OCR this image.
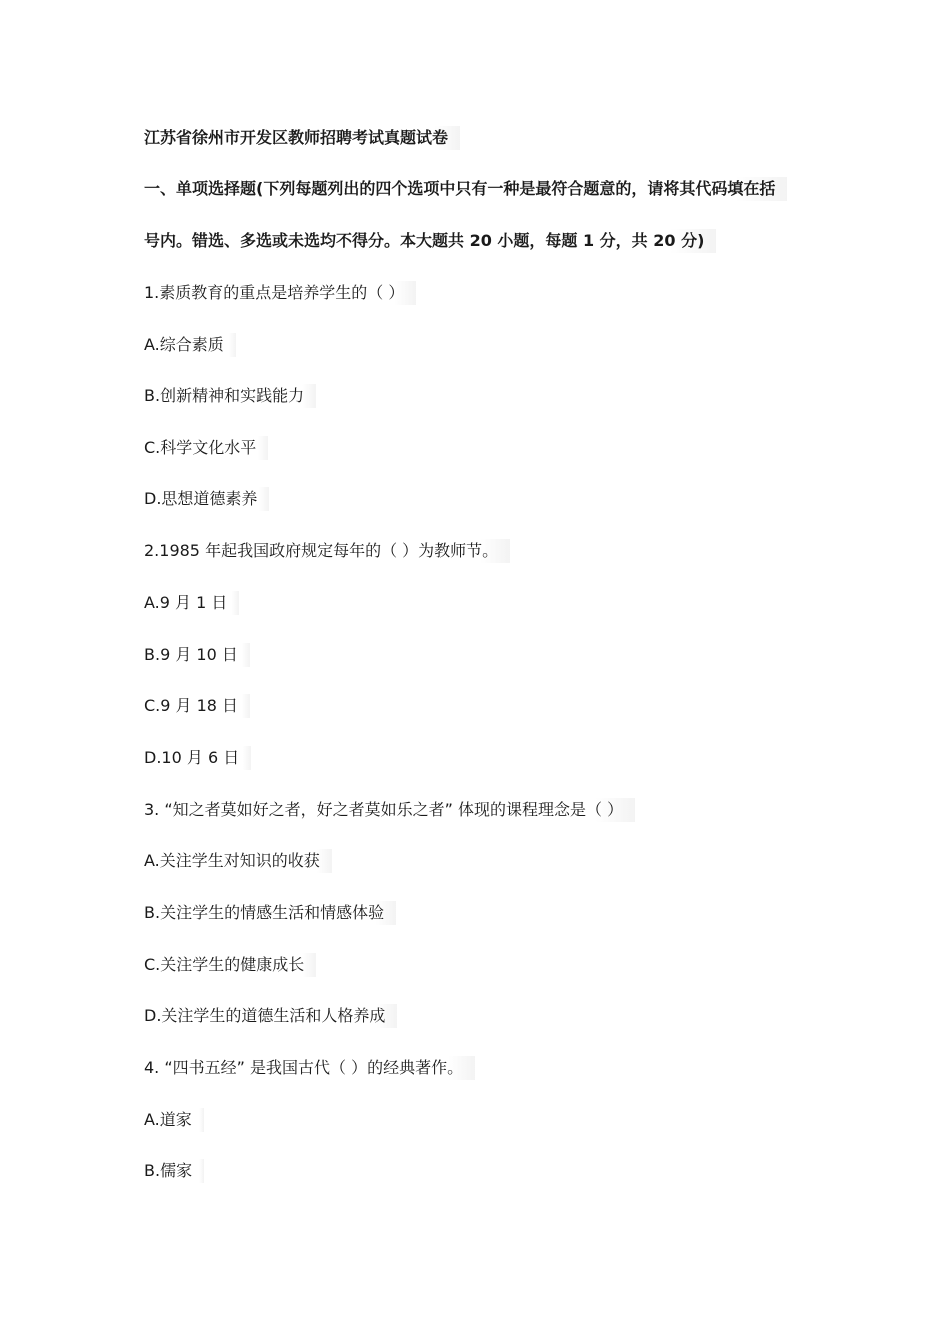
江苏省徐州市开发区教师招聘考试真题试卷
一、单项选择题(下列每题列出的四个选项中只有一种是最符合题意的，请将其代码填在括
号内。错选、多选或未选均不得分。本大题共 20 小题，每题 1 分，共 20 分)
1.素质教育的重点是培养学生的（ ）
A.综合素质
B.创新精神和实践能力
C.科学文化水平
D.思想道德素养
2.1985 年起我国政府规定每年的（ ）为教师节。
A.9 月 1 日
B.9 月 10 日
C.9 月 18 日
D.10 月 6 日
3. “知之者莫如好之者，好之者莫如乐之者” 体现的课程理念是（ ）
A.关注学生对知识的收获
B.关注学生的情感生活和情感体验
C.关注学生的健康成长
D.关注学生的道德生活和人格养成
4. “四书五经” 是我国古代（ ）的经典著作。
A.道家
B.儒家
